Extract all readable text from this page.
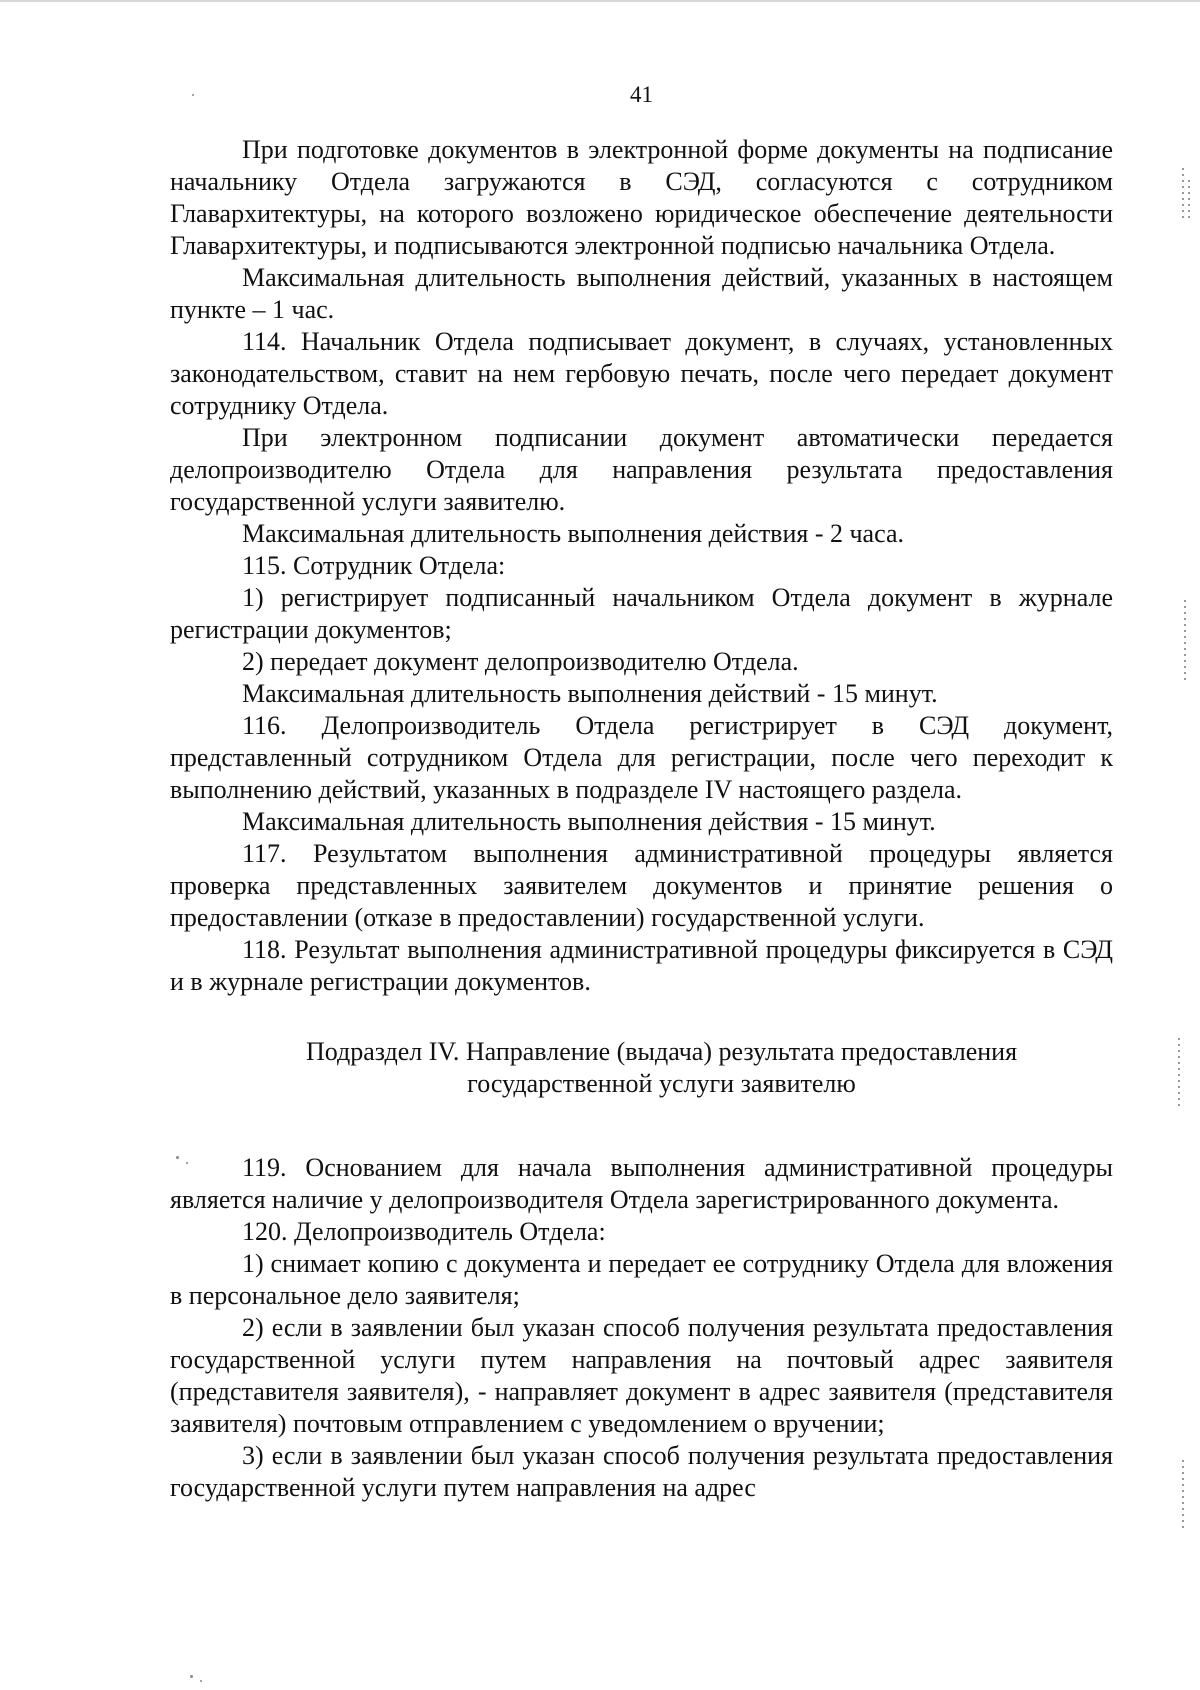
41

При подготовке документов в электронной форме документы на подписание начальнику Отдела загружаются в СЭД, согласуются с сотрудником Главархитектуры, на которого возложено юридическое обеспечение деятельности Главархитектуры, и подписываются электронной подписью начальника Отдела.

Максимальная длительность выполнения действий, указанных в настоящем пункте – 1 час.

114. Начальник Отдела подписывает документ, в случаях, установленных законодательством, ставит на нем гербовую печать, после чего передает документ сотруднику Отдела.

При электронном подписании документ автоматически передается делопроизводителю Отдела для направления результата предоставления государственной услуги заявителю.

Максимальная длительность выполнения действия - 2 часа.

115. Сотрудник Отдела:

1) регистрирует подписанный начальником Отдела документ в журнале регистрации документов;

2) передает документ делопроизводителю Отдела.

Максимальная длительность выполнения действий - 15 минут.

116. Делопроизводитель Отдела регистрирует в СЭД документ, представленный сотрудником Отдела для регистрации, после чего переходит к выполнению действий, указанных в подразделе IV настоящего раздела.

Максимальная длительность выполнения действия - 15 минут.

117. Результатом выполнения административной процедуры является проверка представленных заявителем документов и принятие решения о предоставлении (отказе в предоставлении) государственной услуги.

118. Результат выполнения административной процедуры фиксируется в СЭД и в журнале регистрации документов.

Подраздел IV. Направление (выдача) результата предоставления
государственной услуги заявителю

119. Основанием для начала выполнения административной процедуры является наличие у делопроизводителя Отдела зарегистрированного документа.

120. Делопроизводитель Отдела:

1) снимает копию с документа и передает ее сотруднику Отдела для вложения в персональное дело заявителя;

2) если в заявлении был указан способ получения результата предоставления государственной услуги путем направления на почтовый адрес заявителя (представителя заявителя), - направляет документ в адрес заявителя (представителя заявителя) почтовым отправлением с уведомлением о вручении;

3) если в заявлении был указан способ получения результата предоставления государственной услуги путем направления на адрес
